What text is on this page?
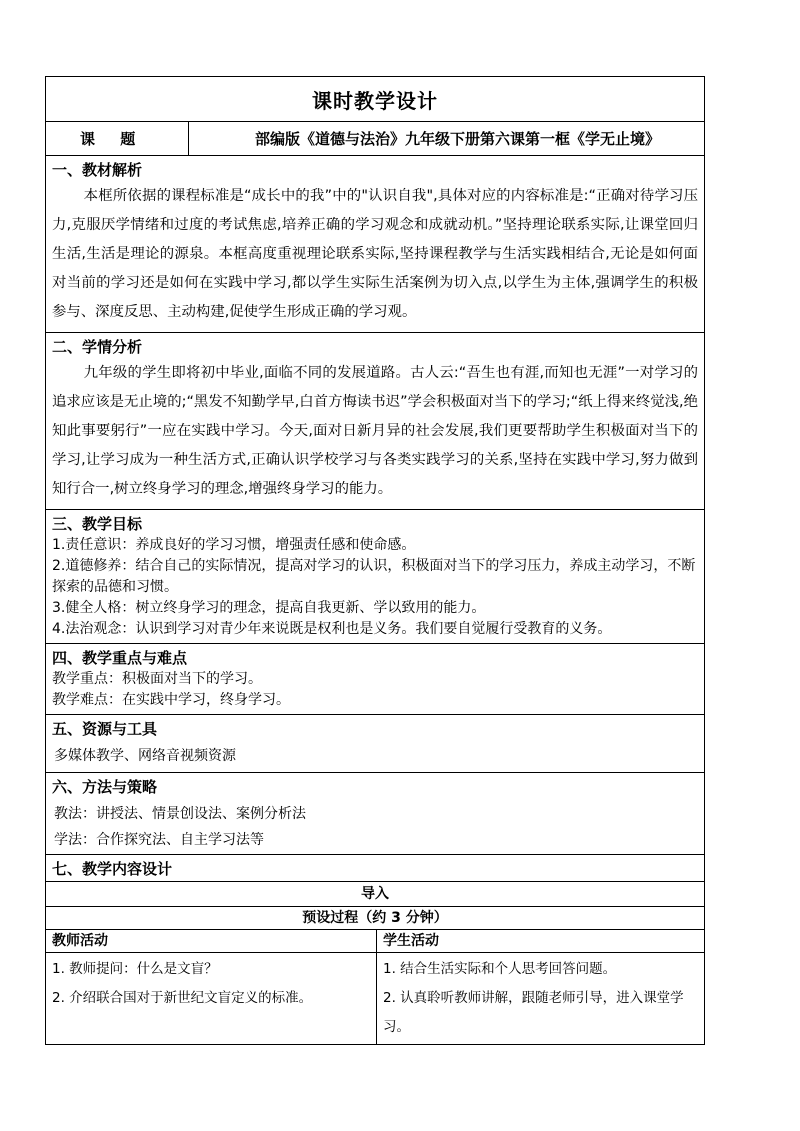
课时教学设计
课 题	部编版《道德与法治》九年级下册第六课第一框《学无止境》
一、教材解析
本框所依据的课程标准是“成长中的我”中的"认识自我",具体对应的内容标准是:“正确对待学习压力,克服厌学情绪和过度的考试焦虑,培养正确的学习观念和成就动机。”坚持理论联系实际,让课堂回归生活,生活是理论的源泉。本框高度重视理论联系实际,坚持课程教学与生活实践相结合,无论是如何面对当前的学习还是如何在实践中学习,都以学生实际生活案例为切入点,以学生为主体,强调学生的积极参与、深度反思、主动构建,促使学生形成正确的学习观。
二、学情分析
九年级的学生即将初中毕业,面临不同的发展道路。古人云:“吾生也有涯,而知也无涯”一对学习的追求应该是无止境的;“黑发不知勤学早,白首方悔读书迟”学会积极面对当下的学习;“纸上得来终觉浅,绝知此事要躬行”一应在实践中学习。今天,面对日新月异的社会发展,我们更要帮助学生积极面对当下的学习,让学习成为一种生活方式,正确认识学校学习与各类实践学习的关系,坚持在实践中学习,努力做到知行合一,树立终身学习的理念,增强终身学习的能力。
三、教学目标
1.责任意识：养成良好的学习习惯，增强责任感和使命感。
2.道德修养：结合自己的实际情况，提高对学习的认识，积极面对当下的学习压力，养成主动学习，不断探索的品德和习惯。
3.健全人格：树立终身学习的理念，提高自我更新、学以致用的能力。
4.法治观念：认识到学习对青少年来说既是权利也是义务。我们要自觉履行受教育的义务。
四、教学重点与难点
教学重点：积极面对当下的学习。
教学难点：在实践中学习，终身学习。
五、资源与工具
多媒体教学、网络音视频资源
六、方法与策略
教法：讲授法、情景创设法、案例分析法
学法：合作探究法、自主学习法等
七、教学内容设计
导入
预设过程（约 3 分钟）
教师活动	学生活动
1. 教师提问：什么是文盲？
2. 介绍联合国对于新世纪文盲定义的标准。
1. 结合生活实际和个人思考回答问题。
2. 认真聆听教师讲解，跟随老师引导，进入课堂学习。
